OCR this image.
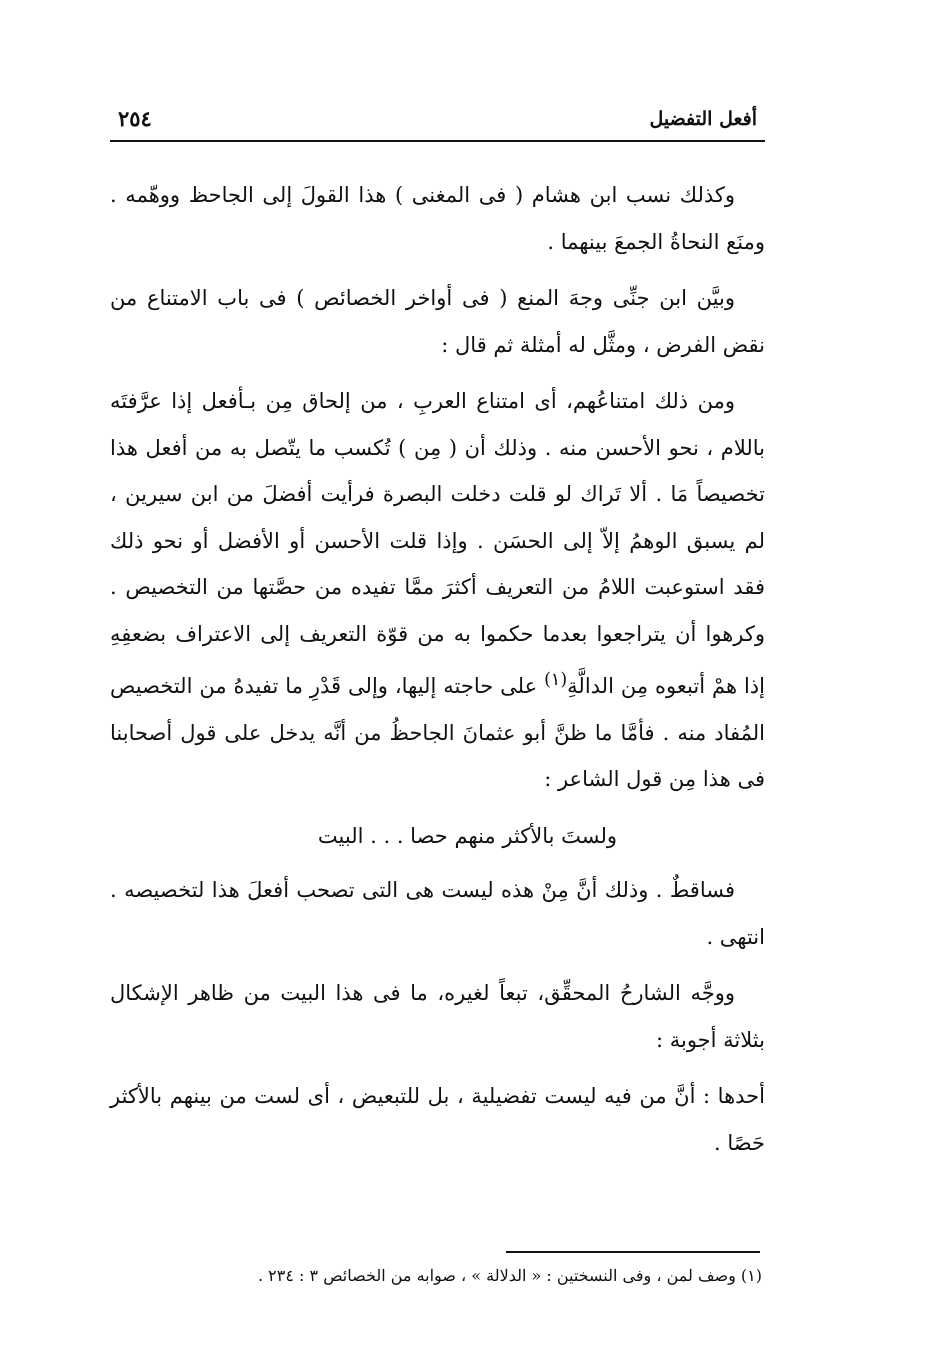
أفعل التفضيل
٢٥٤

وكذلك نسب ابن هشام ( فى المغنى ) هذا القولَ إلى الجاحظ ووهّمه . ومنَع النحاةُ الجمعَ بينهما .

وبيَّن ابن جنِّى وجهَ المنع ( فى أواخر الخصائص ) فى باب الامتناع من نقض الفرض ، ومثَّل له أمثلة ثم قال :

ومن ذلك امتناعُهم، أى امتناع العربِ ، من إلحاق مِن بـأفعل إذا عرَّفتَه باللام ، نحو الأحسن منه . وذلك أن ( مِن ) تُكسب ما يتّصل به من أفعل هذا تخصيصاً مَا . ألا تَراك لو قلت دخلت البصرة فرأيت أفضلَ من ابن سيرين ، لم يسبق الوهمُ إلاّ إلى الحسَن . وإذا قلت الأحسن أو الأفضل أو نحو ذلك فقد استوعبت اللامُ من التعريف أكثرَ ممَّا تفيده من حصَّتها من التخصيص . وكرهوا أن يتراجعوا بعدما حكموا به من قوّة التعريف إلى الاعتراف بضعفِهِ إذا همْ أتبعوه مِن الدالَّةِ$^{(١)}$ على حاجته إليها، وإلى قَدْرِ ما تفيدهُ من التخصيص المُفاد منه . فأمَّا ما ظنَّ أبو عثمانَ الجاحظُ من أنَّه يدخل على قول أصحابنا فى هذا مِن قول الشاعر :

ولستَ بالأكثر منهم حصا . . . البيت

فساقطٌ . وذلك أنَّ مِنْ هذه ليست هى التى تصحب أفعلَ هذا لتخصيصه . انتهى .

ووجَّه الشارحُ المحقِّق، تبعاً لغيره، ما فى هذا البيت من ظاهر الإشكال بثلاثة أجوبة :

أحدها : أنَّ من فيه ليست تفضيلية ، بل للتبعيض ، أى لست من بينهم بالأكثر حَصًا .

(١) وصف لمن ، وفى النسختين : « الدلالة » ، صوابه من الخصائص ٣ : ٢٣٤ .
